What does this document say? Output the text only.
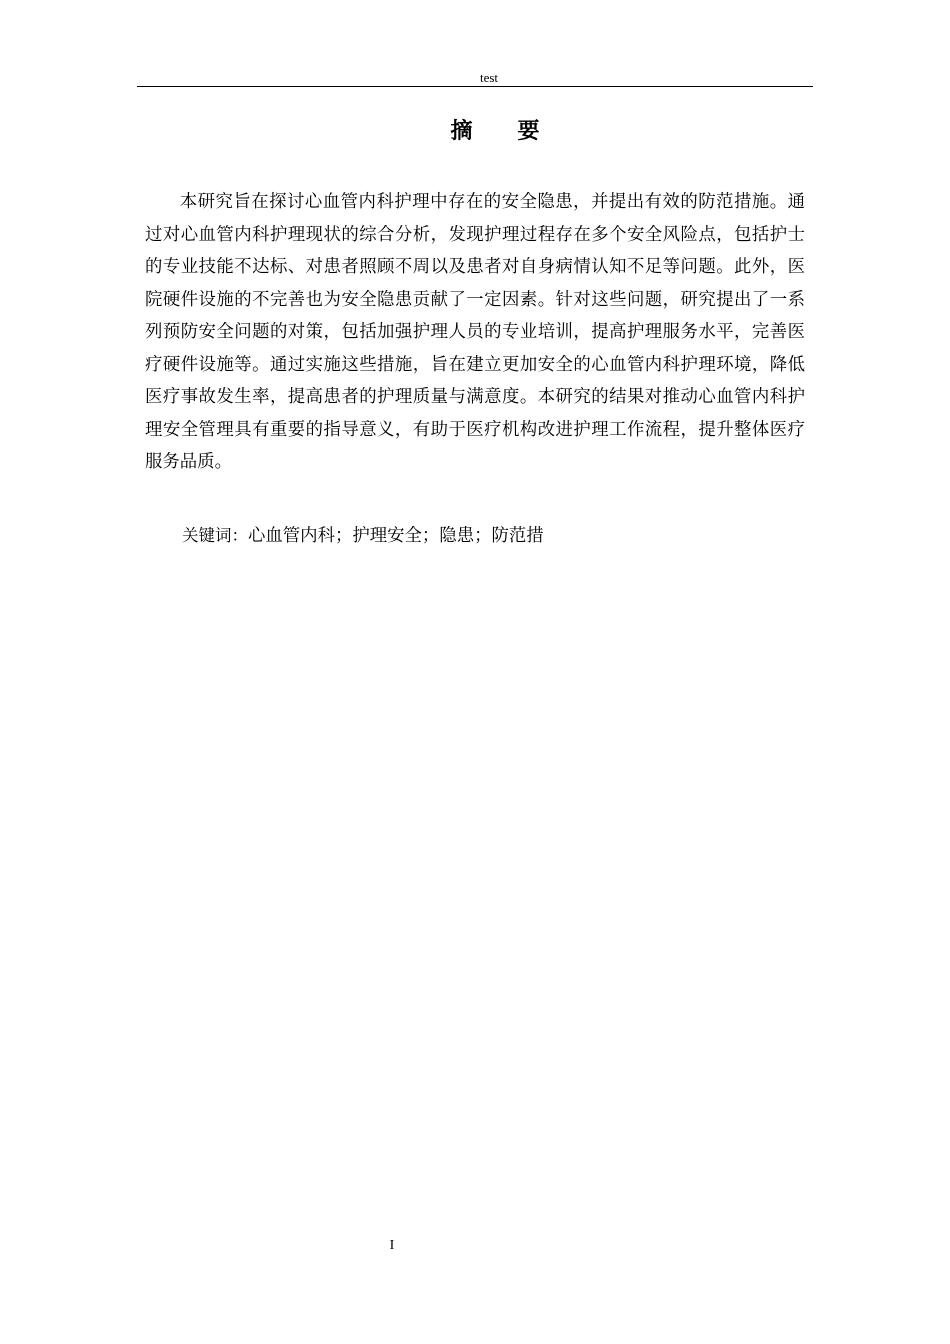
test
摘 要

本研究旨在探讨心血管内科护理中存在的安全隐患，并提出有效的防范措施。通过对心血管内科护理现状的综合分析，发现护理过程存在多个安全风险点，包括护士的专业技能不达标、对患者照顾不周以及患者对自身病情认知不足等问题。此外，医院硬件设施的不完善也为安全隐患贡献了一定因素。针对这些问题，研究提出了一系列预防安全问题的对策，包括加强护理人员的专业培训，提高护理服务水平，完善医疗硬件设施等。通过实施这些措施，旨在建立更加安全的心血管内科护理环境，降低医疗事故发生率，提高患者的护理质量与满意度。本研究的结果对推动心血管内科护理安全管理具有重要的指导意义，有助于医疗机构改进护理工作流程，提升整体医疗服务品质。

关键词：心血管内科；护理安全；隐患；防范措
I
